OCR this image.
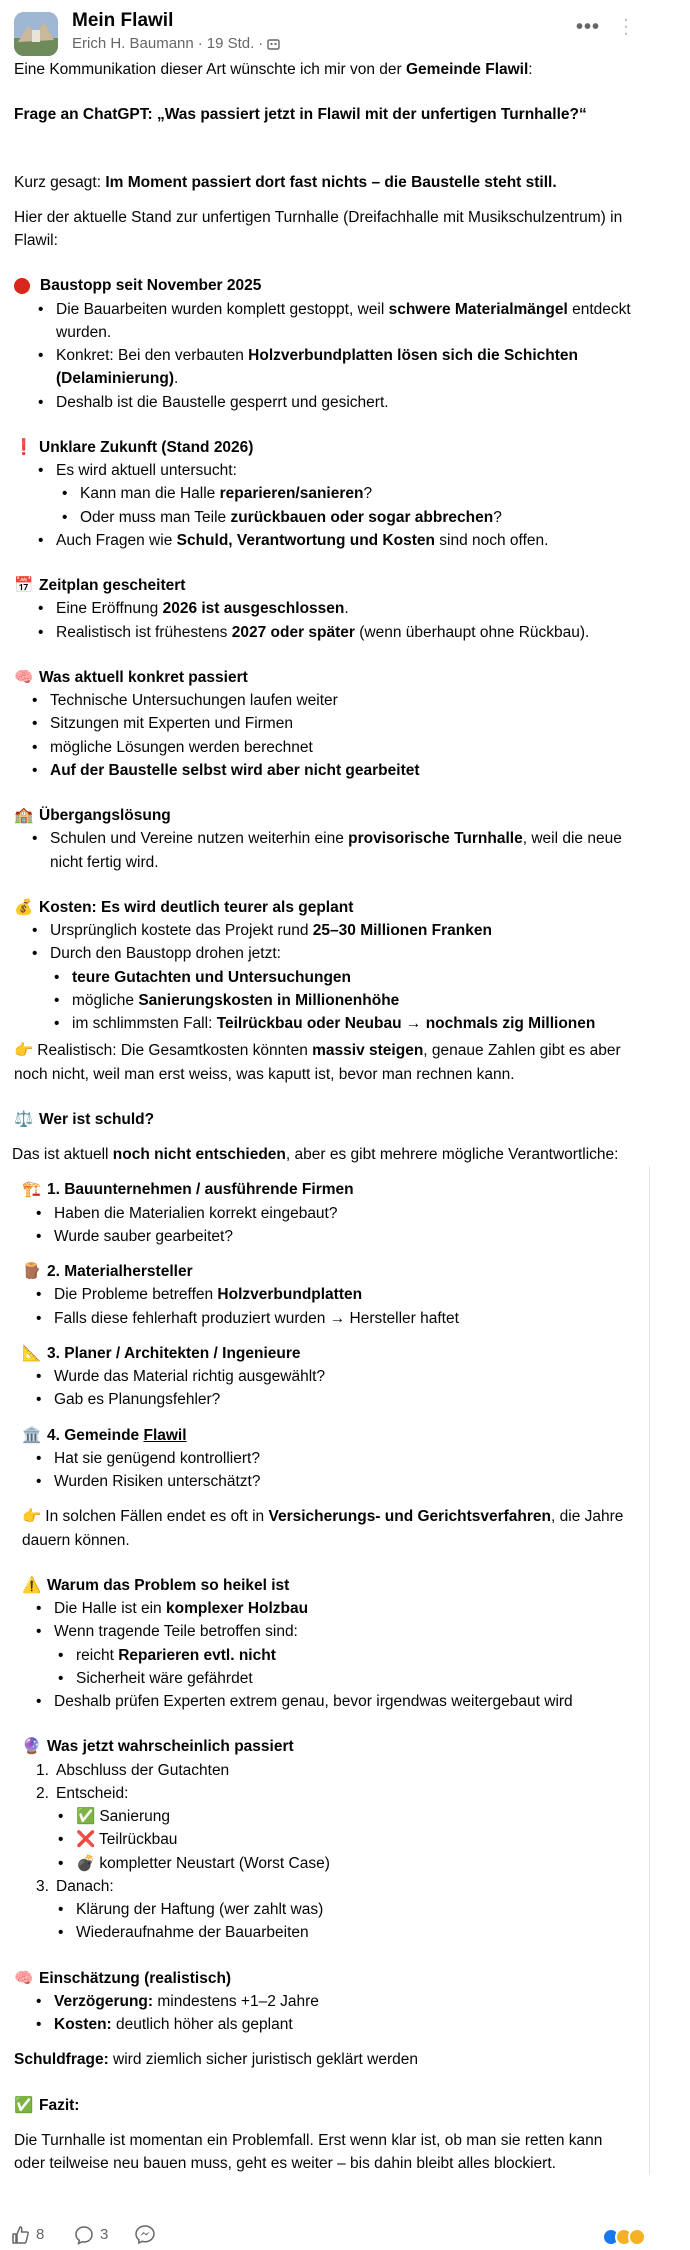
Mein Flawil
Erich H. Baumann · 19 Std. ·
••• ⋮
Eine Kommunikation dieser Art wünschte ich mir von der Gemeinde Flawil:
Frage an ChatGPT: „Was passiert jetzt in Flawil mit der unfertigen Turnhalle?“
Kurz gesagt: Im Moment passiert dort fast nichts – die Baustelle steht still.
Hier der aktuelle Stand zur unfertigen Turnhalle (Dreifachhalle mit Musikschulzentrum) in Flawil:
Baustopp seit November 2025
• Die Bauarbeiten wurden komplett gestoppt, weil schwere Materialmängel entdeckt wurden.
• Konkret: Bei den verbauten Holzverbundplatten lösen sich die Schichten (Delaminierung).
• Deshalb ist die Baustelle gesperrt und gesichert.
❗ Unklare Zukunft (Stand 2026)
• Es wird aktuell untersucht:
• Kann man die Halle reparieren/sanieren?
• Oder muss man Teile zurückbauen oder sogar abbrechen?
• Auch Fragen wie Schuld, Verantwortung und Kosten sind noch offen.
📅 Zeitplan gescheitert
• Eine Eröffnung 2026 ist ausgeschlossen.
• Realistisch ist frühestens 2027 oder später (wenn überhaupt ohne Rückbau).
🧠 Was aktuell konkret passiert
• Technische Untersuchungen laufen weiter
• Sitzungen mit Experten und Firmen
• mögliche Lösungen werden berechnet
• Auf der Baustelle selbst wird aber nicht gearbeitet
🏫 Übergangslösung
• Schulen und Vereine nutzen weiterhin eine provisorische Turnhalle, weil die neue nicht fertig wird.
💰 Kosten: Es wird deutlich teurer als geplant
• Ursprünglich kostete das Projekt rund 25–30 Millionen Franken
• Durch den Baustopp drohen jetzt:
• teure Gutachten und Untersuchungen
• mögliche Sanierungskosten in Millionenhöhe
• im schlimmsten Fall: Teilrückbau oder Neubau → nochmals zig Millionen
👉 Realistisch: Die Gesamtkosten könnten massiv steigen, genaue Zahlen gibt es aber noch nicht, weil man erst weiss, was kaputt ist, bevor man rechnen kann.
⚖️ Wer ist schuld?
Das ist aktuell noch nicht entschieden, aber es gibt mehrere mögliche Verantwortliche:
🏗️ 1. Bauunternehmen / ausführende Firmen
• Haben die Materialien korrekt eingebaut?
• Wurde sauber gearbeitet?
🪵 2. Materialhersteller
• Die Probleme betreffen Holzverbundplatten
• Falls diese fehlerhaft produziert wurden → Hersteller haftet
📐 3. Planer / Architekten / Ingenieure
• Wurde das Material richtig ausgewählt?
• Gab es Planungsfehler?
🏛️ 4. Gemeinde Flawil
• Hat sie genügend kontrolliert?
• Wurden Risiken unterschätzt?
👉 In solchen Fällen endet es oft in Versicherungs- und Gerichtsverfahren, die Jahre dauern können.
⚠️ Warum das Problem so heikel ist
• Die Halle ist ein komplexer Holzbau
• Wenn tragende Teile betroffen sind:
• reicht Reparieren evtl. nicht
• Sicherheit wäre gefährdet
• Deshalb prüfen Experten extrem genau, bevor irgendwas weitergebaut wird
🔮 Was jetzt wahrscheinlich passiert
1. Abschluss der Gutachten
2. Entscheid:
• ✅ Sanierung
• ❌ Teilrückbau
• 💣 kompletter Neustart (Worst Case)
3. Danach:
• Klärung der Haftung (wer zahlt was)
• Wiederaufnahme der Bauarbeiten
🧠 Einschätzung (realistisch)
• Verzögerung: mindestens +1–2 Jahre
• Kosten: deutlich höher als geplant
Schuldfrage: wird ziemlich sicher juristisch geklärt werden
✅ Fazit:
Die Turnhalle ist momentan ein Problemfall. Erst wenn klar ist, ob man sie retten kann oder teilweise neu bauen muss, geht es weiter – bis dahin bleibt alles blockiert.
8	3
